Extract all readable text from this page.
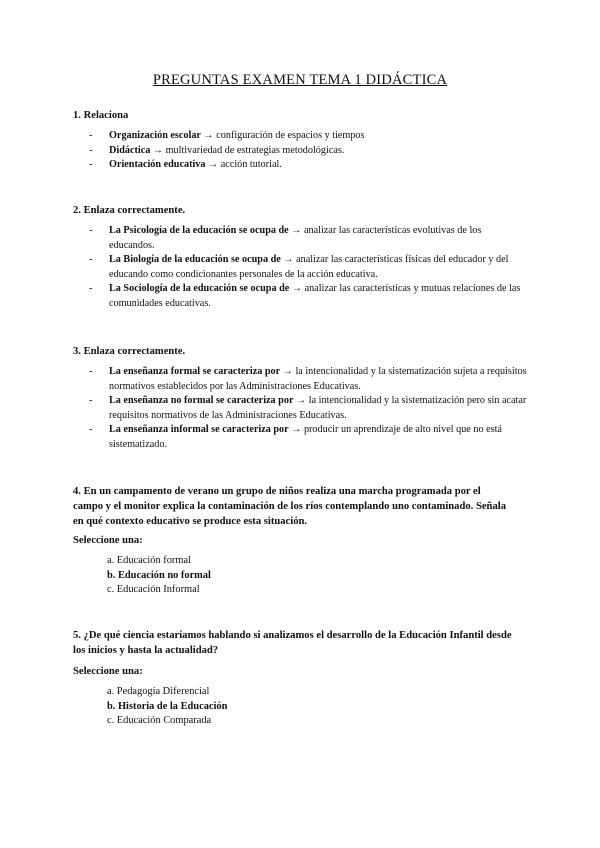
PREGUNTAS EXAMEN TEMA 1 DIDÁCTICA
1. Relaciona
- Organización escolar → configuración de espacios y tiempos
- Didáctica → multivariedad de estrategias metodológicas.
- Orientación educativa → acción tutorial.
2. Enlaza correctamente.
- La Psicología de la educación se ocupa de → analizar las características evolutivas de los educandos.
- La Biología de la educación se ocupa de → analizar las características físicas del educador y del educando como condicionantes personales de la acción educativa.
- La Sociología de la educación se ocupa de → analizar las características y mutuas relaciones de las comunidades educativas.
3. Enlaza correctamente.
- La enseñanza formal se caracteriza por → la intencionalidad y la sistematización sujeta a requisitos normativos establecidos por las Administraciones Educativas.
- La enseñanza no formal se caracteriza por → la intencionalidad y la sistematización pero sin acatar requisitos normativos de las Administraciones Educativas.
- La enseñanza informal se caracteriza por → producir un aprendizaje de alto nivel que no está sistematizado.
4. En un campamento de verano un grupo de niños realiza una marcha programada por el campo y el monitor explica la contaminación de los ríos contemplando uno contaminado. Señala en qué contexto educativo se produce esta situación.
Seleccione una:
a. Educación formal
b. Educación no formal
c. Educación Informal
5. ¿De qué ciencia estaríamos hablando si analizamos el desarrollo de la Educación Infantil desde los inicios y hasta la actualidad?
Seleccione una:
a. Pedagogía Diferencial
b. Historia de la Educación
c. Educación Comparada
